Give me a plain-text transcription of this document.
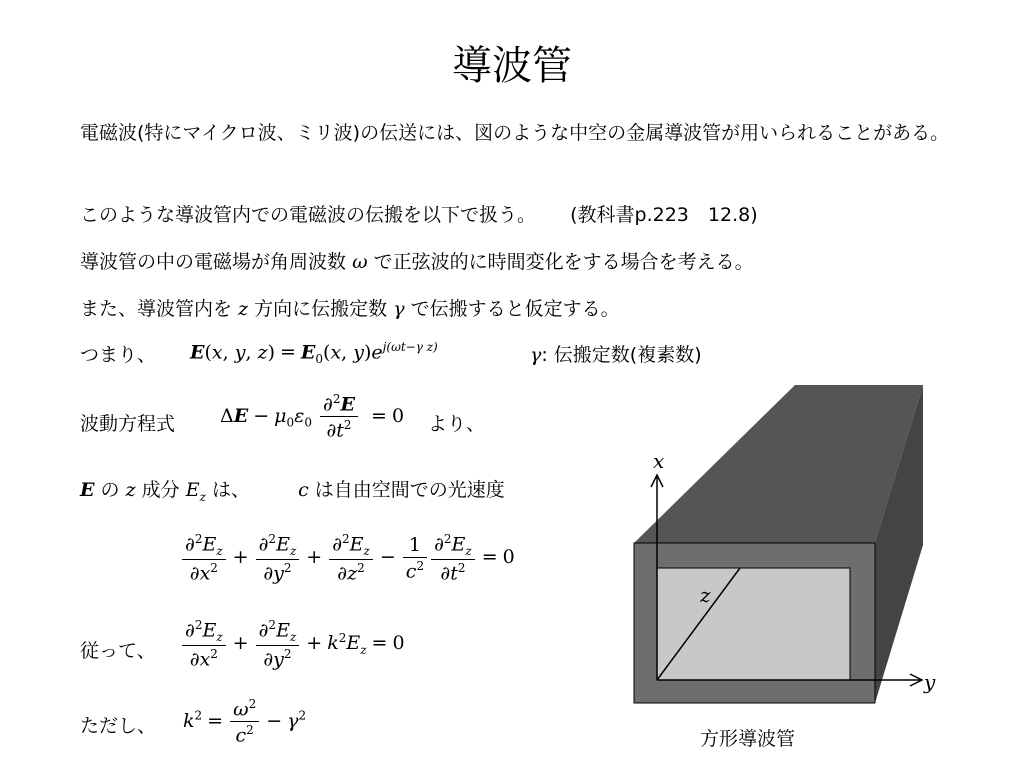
導波管
電磁波(特にマイクロ波、ミリ波)の伝送には、図のような中空の金属導波管が用いられることがある。
このような導波管内での電磁波の伝搬を以下で扱う。 (教科書p.223　12.8)
導波管の中の電磁場が角周波数 ω で正弦波的に時間変化をする場合を考える。
また、導波管内を z 方向に伝搬定数 γ で伝搬すると仮定する。
つまり、 E(x, y, $z) = E_0(x$, $y)e^{j(\omega t-\gamma z)}$	γ: 伝搬定数(複素数)
波動方程式 $\Delta E - \mu_0\varepsilon_0 \frac{\partial^2E}{\partial t^2} = 0$ より、
E の z 成分 $E_z$ は、	c は自由空間での光速度
$\frac{\partial^2E_z}{\partial x^2} + \frac{\partial^2E_z}{\partial y^2} + \frac{\partial^2E_z}{\partial z^2} - \frac{1}{c^2} \frac{\partial^2E_z}{\partial t^2} = 0$
従って、 $\frac{\partial^2E_z}{\partial x^2} + \frac{\partial^2E_z}{\partial y^2} + k^2E_z = 0$
ただし、 $k^2 = \frac{\omega^2}{c^2} - \gamma^2$
x
y
z
方形導波管
